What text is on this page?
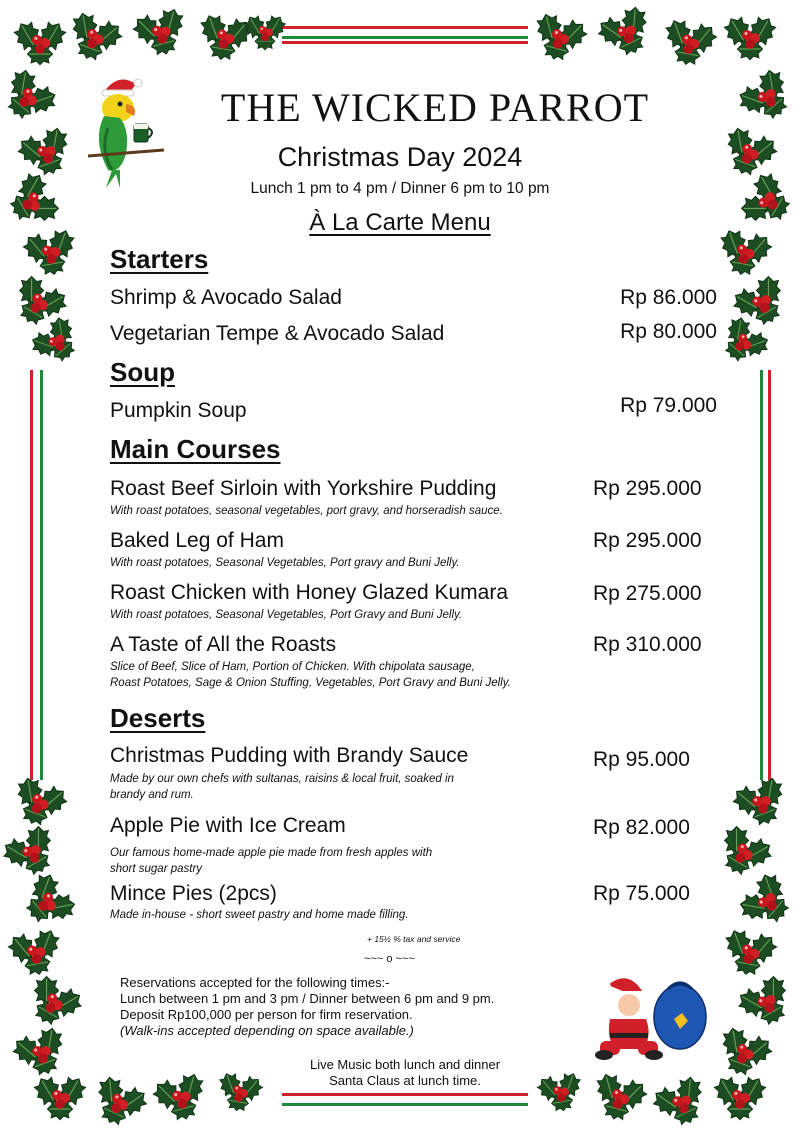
THE WICKED PARROT
Christmas Day 2024
Lunch 1 pm to 4 pm / Dinner 6 pm to 10 pm
À La Carte Menu
Starters
Shrimp & Avocado Salad	Rp 86.000
Vegetarian Tempe & Avocado Salad	Rp 80.000
Soup
Pumpkin Soup	Rp 79.000
Main Courses
Roast Beef Sirloin with Yorkshire Pudding	Rp 295.000
With roast potatoes, seasonal vegetables, port gravy, and horseradish sauce.
Baked Leg of Ham	Rp 295.000
With roast potatoes, Seasonal Vegetables, Port gravy and Buni Jelly.
Roast Chicken with Honey Glazed Kumara	Rp 275.000
With roast potatoes, Seasonal Vegetables, Port Gravy and Buni Jelly.
A Taste of All the Roasts	Rp 310.000
Slice of Beef, Slice of Ham, Portion of Chicken. With chipolata sausage,
Roast Potatoes, Sage & Onion Stuffing, Vegetables, Port Gravy and Buni Jelly.
Deserts
Christmas Pudding with Brandy Sauce	Rp 95.000
Made by our own chefs with sultanas, raisins & local fruit, soaked in
brandy and rum.
Apple Pie with Ice Cream	Rp 82.000
Our famous home-made apple pie made from fresh apples with
short sugar pastry
Mince Pies (2pcs)	Rp 75.000
Made in-house - short sweet pastry and home made filling.
+ 15½ % tax and service
~~~ o ~~~
Reservations accepted for the following times:-
Lunch between 1 pm and 3 pm / Dinner between 6 pm and 9 pm.
Deposit Rp100,000 per person for firm reservation.
(Walk-ins accepted depending on space available.)
Live Music both lunch and dinner
Santa Claus at lunch time.
